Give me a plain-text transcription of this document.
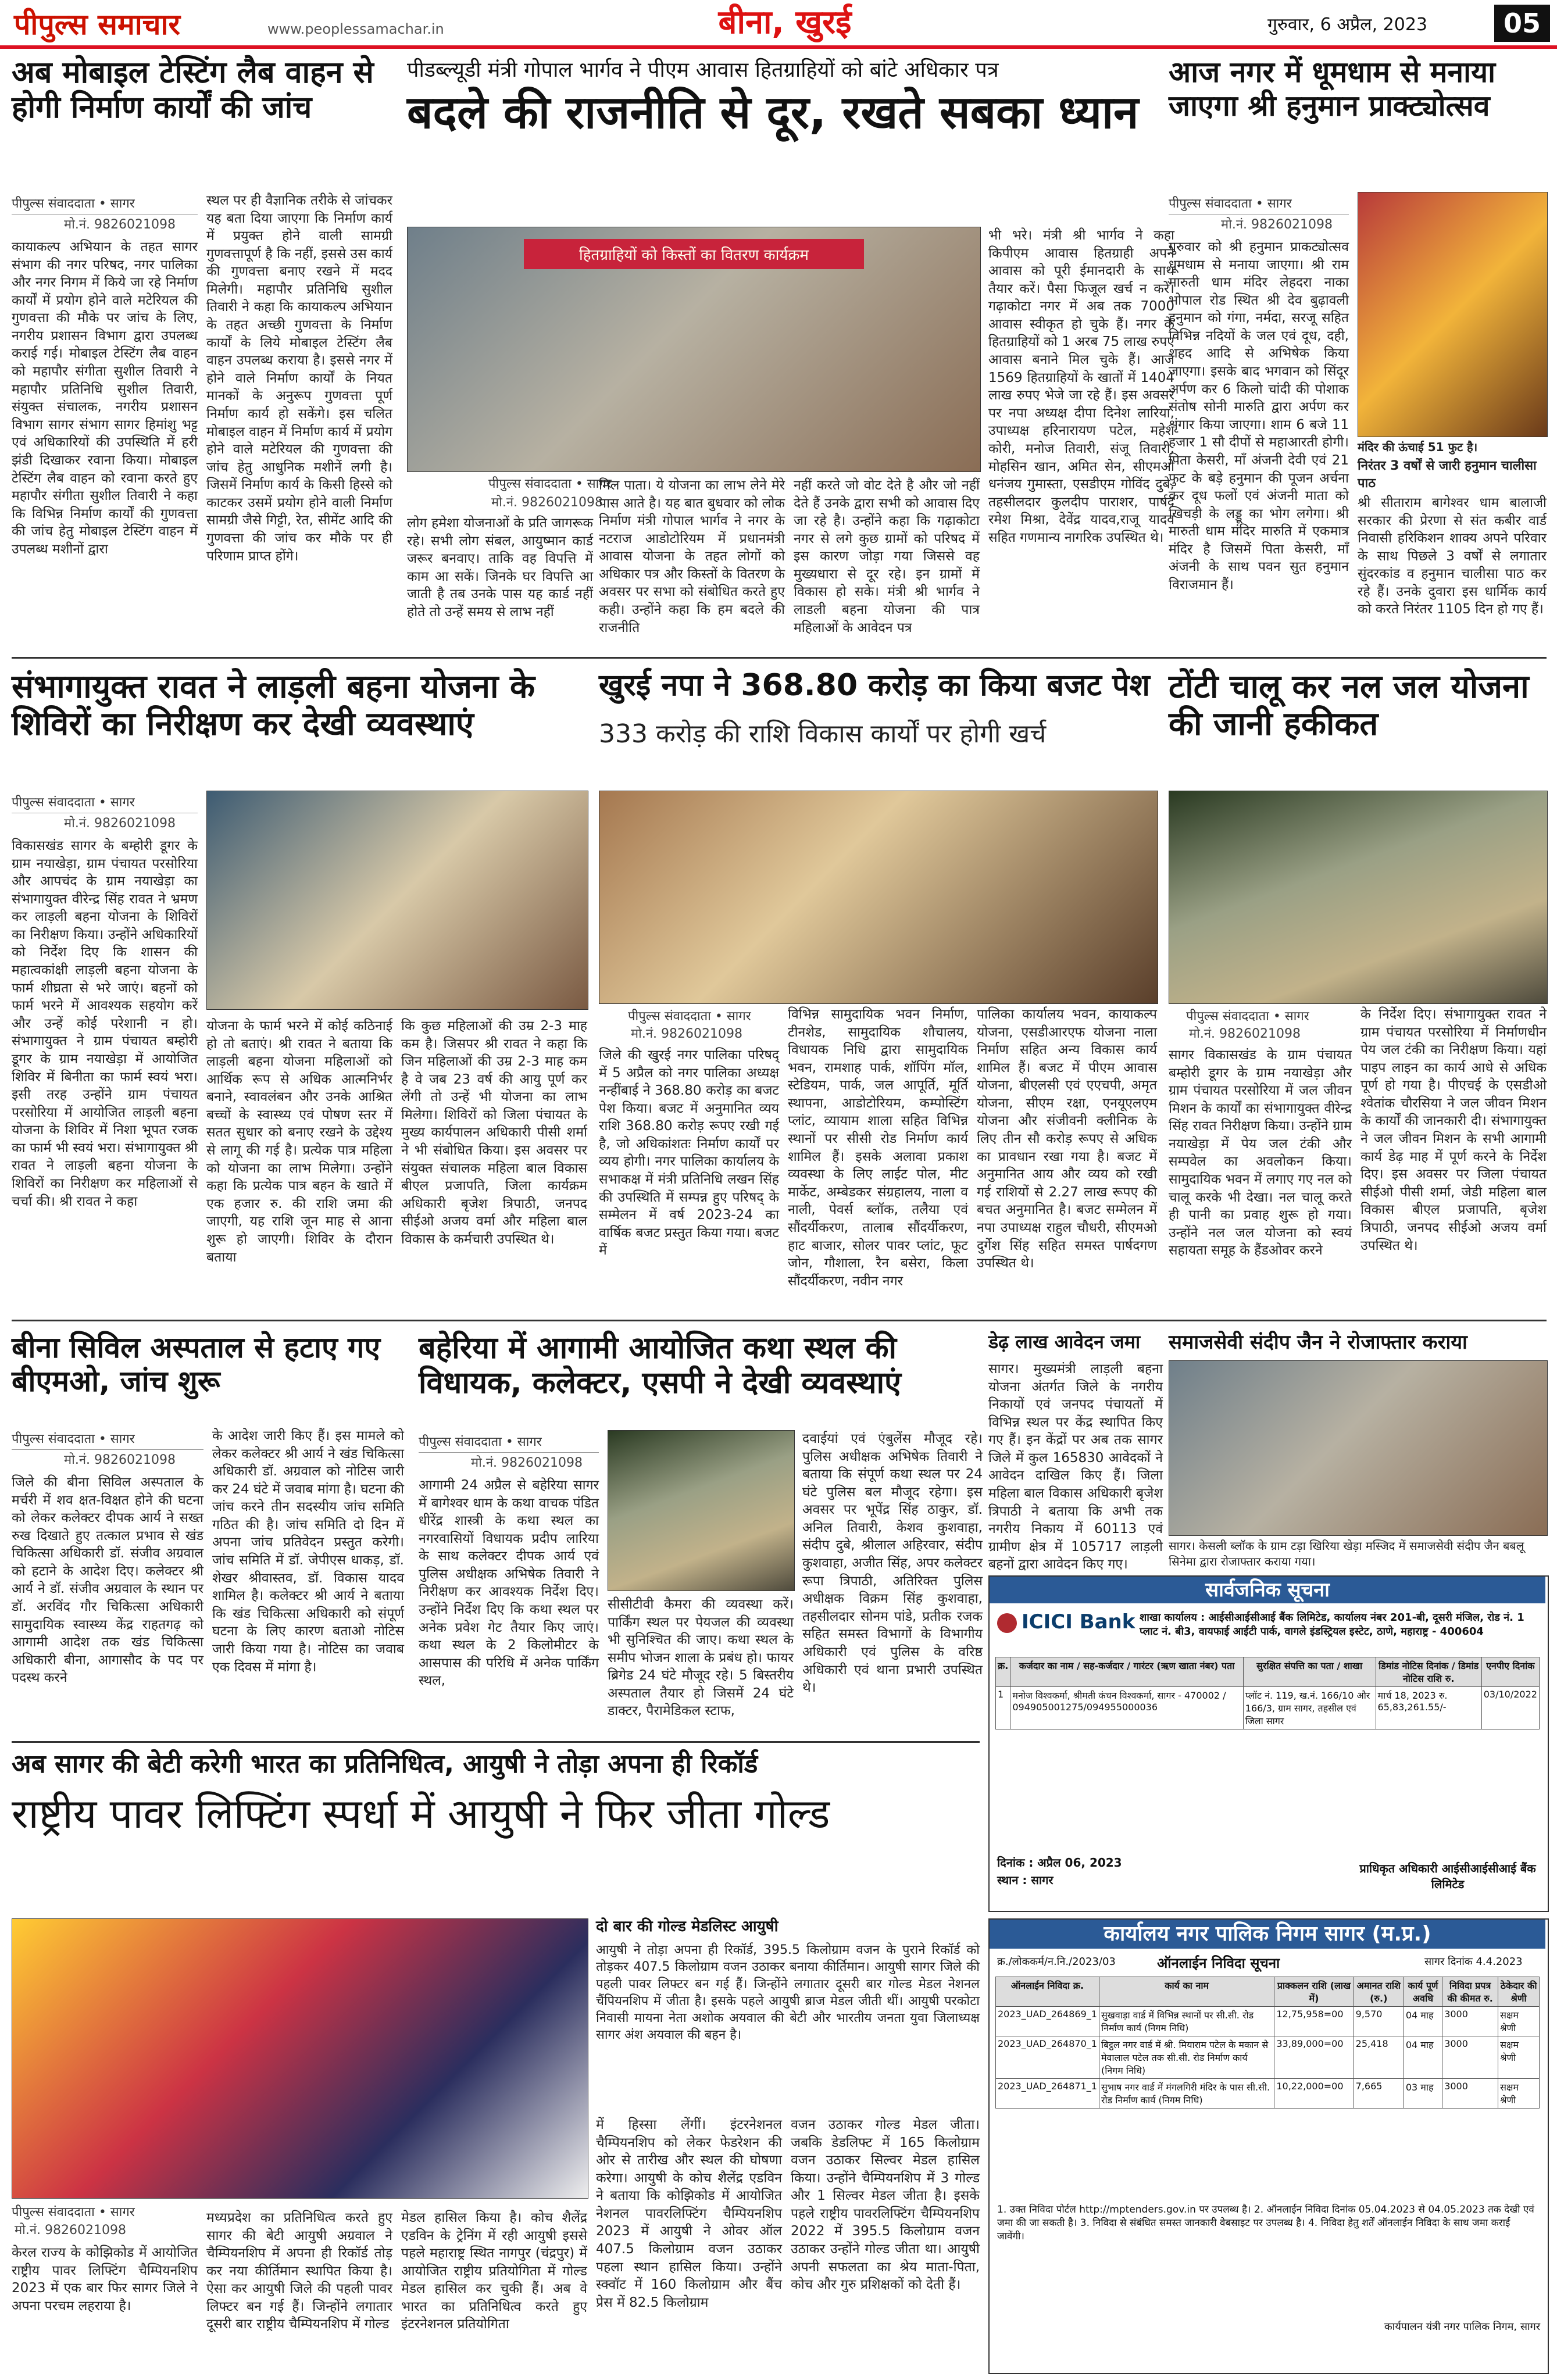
पीपुल्स समाचार	www.peoplessamachar.in	बीना, खुरई	गुरुवार, 6 अप्रैल, 2023	05
अब मोबाइल टेस्टिंग लैब वाहन से होगी निर्माण कार्यों की जांच
पीपुल्स संवाददाता • सागर
मो.नं. 9826021098
कायाकल्प अभियान के तहत सागर संभाग की नगर परिषद, नगर पालिका और नगर निगम में किये जा रहे निर्माण कार्यों में प्रयोग होने वाले मटेरियल की गुणवत्ता की मौके पर जांच के लिए, नगरीय प्रशासन विभाग द्वारा उपलब्ध कराई गई। मोबाइल टेस्टिंग लैब वाहन को महापौर संगीता सुशील तिवारी ने महापौर प्रतिनिधि सुशील तिवारी, संयुक्त संचालक, नगरीय प्रशासन विभाग सागर संभाग सागर हिमांशु भट्ट एवं अधिकारियों की उपस्थिति में हरी झंडी दिखाकर रवाना किया। मोबाइल टेस्टिंग लैब वाहन को रवाना करते हुए महापौर संगीता सुशील तिवारी ने कहा कि विभिन्न निर्माण कार्यों की गुणवत्ता की जांच हेतु मोबाइल टेस्टिंग वाहन में उपलब्ध मशीनों द्वारा
स्थल पर ही वैज्ञानिक तरीके से जांचकर यह बता दिया जाएगा कि निर्माण कार्य में प्रयुक्त होने वाली सामग्री गुणवत्तापूर्ण है कि नहीं, इससे उस कार्य की गुणवत्ता बनाए रखने में मदद मिलेगी। महापौर प्रतिनिधि सुशील तिवारी ने कहा कि कायाकल्प अभियान के तहत अच्छी गुणवत्ता के निर्माण कार्यों के लिये मोबाइल टेस्टिंग लैब वाहन उपलब्ध कराया है। इससे नगर में होने वाले निर्माण कार्यों के नियत मानकों के अनुरूप गुणवत्ता पूर्ण निर्माण कार्य हो सकेंगे। इस चलित मोबाइल वाहन में निर्माण कार्य में प्रयोग होने वाले मटेरियल की गुणवत्ता की जांच हेतु आधुनिक मशीनें लगी है। जिसमें निर्माण कार्य के किसी हिस्से को काटकर उसमें प्रयोग होने वाली निर्माण सामग्री जैसे गिट्टी, रेत, सीमेंट आदि की गुणवत्ता की जांच कर मौके पर ही परिणाम प्राप्त होंगे।
पीडब्ल्यूडी मंत्री गोपाल भार्गव ने पीएम आवास हितग्राहियों को बांटे अधिकार पत्र
बदले की राजनीति से दूर, रखते सबका ध्यान
हितग्राहियों को किस्तों का वितरण कार्यक्रम
पीपुल्स संवाददाता • सागर
मो.नं. 9826021098
लोग हमेशा योजनाओं के प्रति जागरूक रहे। सभी लोग संबल, आयुष्मान कार्ड जरूर बनवाए। ताकि वह विपत्ति में काम आ सकें। जिनके घर विपत्ति आ जाती है तब उनके पास यह कार्ड नहीं होते तो उन्हें समय से लाभ नहीं
मिल पाता। ये योजना का लाभ लेने मेरे पास आते है। यह बात बुधवार को लोक निर्माण मंत्री गोपाल भार्गव ने नगर के नटराज आडोटोरियम में प्रधानमंत्री आवास योजना के तहत लोगों को अधिकार पत्र और किस्तों के वितरण के अवसर पर सभा को संबोधित करते हुए कही। उन्होंने कहा कि हम बदले की राजनीति
नहीं करते जो वोट देते है और जो नहीं देते हैं उनके द्वारा सभी को आवास दिए जा रहे है। उन्होंने कहा कि गढ़ाकोटा नगर से लगे कुछ ग्रामों को परिषद में इस कारण जोड़ा गया जिससे वह मुख्यधारा से दूर रहे। इन ग्रामों में विकास हो सके। मंत्री श्री भार्गव ने लाडली बहना योजना की पात्र महिलाओं के आवेदन पत्र
भी भरे। मंत्री श्री भार्गव ने कहा किपीएम आवास हितग्राही अपने आवास को पूरी ईमानदारी के साथ तैयार करें। पैसा फिजूल खर्च न करें। गढ़ाकोटा नगर में अब तक 7000 आवास स्वीकृत हो चुके हैं। नगर के हितग्राहियों को 1 अरब 75 लाख रुपए आवास बनाने मिल चुके हैं। आज 1569 हितग्राहियों के खातों में 1404 लाख रुपए भेजे जा रहे हैं। इस अवसर पर नपा अध्यक्ष दीपा दिनेश लारिया, उपाध्यक्ष हरिनारायण पटेल, महेश कोरी, मनोज तिवारी, संजू तिवारी, मोहसिन खान, अमित सेन, सीएमओ धनंजय गुमास्ता, एसडीएम गोविंद दुबे, तहसीलदार कुलदीप पाराशर, पार्षद रमेश मिश्रा, देवेंद्र यादव,राजू यादव सहित गणमान्य नागरिक उपस्थित थे।
आज नगर में धूमधाम से मनाया जाएगा श्री हनुमान प्राक्ट्योत्सव
पीपुल्स संवाददाता • सागर
मो.नं. 9826021098
गुरुवार को श्री हनुमान प्राकट्योत्सव धूमधाम से मनाया जाएगा। श्री राम मारुती धाम मंदिर लेहदरा नाका भोपाल रोड स्थित श्री देव बुढ़ावली हनुमान को गंगा, नर्मदा, सरजू सहित विभिन्न नदियों के जल एवं दूध, दही, शहद आदि से अभिषेक किया जाएगा। इसके बाद भगवान को सिंदूर अर्पण कर 6 किलो चांदी की पोशाक संतोष सोनी मारुति द्वारा अर्पण कर शृंगार किया जाएगा। शाम 6 बजे 11 हजार 1 सौ दीपों से महाआरती होगी। पिता केसरी, माँ अंजनी देवी एवं 21 फुट के बड़े हनुमान की पूजन अर्चना कर दूध फलों एवं अंजनी माता को खिचड़ी के लड्डू का भोग लगेगा। श्री मारुती धाम मंदिर मारुति में एकमात्र मंदिर है जिसमें पिता केसरी, माँ अंजनी के साथ पवन सुत हनुमान विराजमान हैं।
मंदिर की ऊंचाई 51 फुट है।
निरंतर 3 वर्षों से जारी हनुमान चालीसा पाठ
श्री सीताराम बागेश्वर धाम बालाजी सरकार की प्रेरणा से संत कबीर वार्ड निवासी हरिकिशन शाक्य अपने परिवार के साथ पिछले 3 वर्षों से लगातार सुंदरकांड व हनुमान चालीसा पाठ कर रहे हैं। उनके दुवारा इस धार्मिक कार्य को करते निरंतर 1105 दिन हो गए हैं।
संभागायुक्त रावत ने लाड़ली बहना योजना के शिविरों का निरीक्षण कर देखी व्यवस्थाएं
पीपुल्स संवाददाता • सागर
मो.नं. 9826021098
विकासखंड सागर के बम्होरी डूगर के ग्राम नयाखेड़ा, ग्राम पंचायत परसोरिया और आपचंद के ग्राम नयाखेड़ा का संभागायुक्त वीरेन्द्र सिंह रावत ने भ्रमण कर लाड़ली बहना योजना के शिविरों का निरीक्षण किया। उन्होंने अधिकारियों को निर्देश दिए कि शासन की महात्वकांक्षी लाड़ली बहना योजना के फार्म शीघ्रता से भरे जाएं। बहनों को फार्म भरने में आवश्यक सहयोग करें और उन्हें कोई परेशानी न हो। संभागायुक्त ने ग्राम पंचायत बम्होरी डूगर के ग्राम नयाखेड़ा में आयोजित शिविर में बिनीता का फार्म स्वयं भरा। इसी तरह उन्होंने ग्राम पंचायत परसोरिया में आयोजित लाड़ली बहना योजना के शिविर में निशा भूपत रजक का फार्म भी स्वयं भरा। संभागायुक्त श्री रावत ने लाड़ली बहना योजना के शिविरों का निरीक्षण कर महिलाओं से चर्चा की। श्री रावत ने कहा
योजना के फार्म भरने में कोई कठिनाई हो तो बताएं। श्री रावत ने बताया कि लाड़ली बहना योजना महिलाओं को आर्थिक रूप से अधिक आत्मनिर्भर बनाने, स्वावलंबन और उनके आश्रित बच्चों के स्वास्थ्य एवं पोषण स्तर में सतत सुधार को बनाए रखने के उद्देश्य से लागू की गई है। प्रत्येक पात्र महिला को योजना का लाभ मिलेगा। उन्होंने कहा कि प्रत्येक पात्र बहन के खाते में एक हजार रु. की राशि जमा की जाएगी, यह राशि जून माह से आना शुरू हो जाएगी। शिविर के दौरान बताया
कि कुछ महिलाओं की उम्र 2-3 माह कम है। जिसपर श्री रावत ने कहा कि जिन महिलाओं की उम्र 2-3 माह कम है वे जब 23 वर्ष की आयु पूर्ण कर लेंगी तो उन्हें भी योजना का लाभ मिलेगा। शिविरों को जिला पंचायत के मुख्य कार्यपालन अधिकारी पीसी शर्मा ने भी संबोधित किया। इस अवसर पर संयुक्त संचालक महिला बाल विकास बीएल प्रजापति, जिला कार्यक्रम अधिकारी बृजेश त्रिपाठी, जनपद सीईओ अजय वर्मा और महिला बाल विकास के कर्मचारी उपस्थित थे।
खुरई नपा ने 368.80 करोड़ का किया बजट पेश
333 करोड़ की राशि विकास कार्यों पर होगी खर्च
पीपुल्स संवाददाता • सागर
मो.नं. 9826021098
जिले की खुरई नगर पालिका परिषद् में 5 अप्रैल को नगर पालिका अध्यक्ष नन्हींबाई ने 368.80 करोड़ का बजट पेश किया। बजट में अनुमानित व्यय राशि 368.80 करोड़ रूपए रखी गई है, जो अधिकांशतः निर्माण कार्यों पर व्यय होगी। नगर पालिका कार्यालय के सभाकक्ष में मंत्री प्रतिनिधि लखन सिंह की उपस्थिति में सम्पन्न हुए परिषद् के सम्मेलन में वर्ष 2023-24 का वार्षिक बजट प्रस्तुत किया गया। बजट में
विभिन्न सामुदायिक भवन निर्माण, टीनशेड, सामुदायिक शौचालय, विधायक निधि द्वारा सामुदायिक भवन, रामशाह पार्क, शॉपिंग मॉल, स्टेडियम, पार्क, जल आपूर्ति, मूर्ति स्थापना, आडोटोरियम, कम्पोस्टिंग प्लांट, व्यायाम शाला सहित विभिन्न स्थानों पर सीसी रोड निर्माण कार्य शामिल हैं। इसके अलावा प्रकाश व्यवस्था के लिए लाईट पोल, मीट मार्केट, अम्बेडकर संग्रहालय, नाला व नाली, पेवर्स ब्लॉक, तलैया एवं सौंदर्यीकरण, तालाब सौंदर्यीकरण, हाट बाजार, सोलर पावर प्लांट, फूट जोन, गौशाला, रैन बसेरा, किला सौंदर्यीकरण, नवीन नगर
पालिका कार्यालय भवन, कायाकल्प योजना, एसडीआरएफ योजना नाला निर्माण सहित अन्य विकास कार्य शामिल हैं। बजट में पीएम आवास योजना, बीएलसी एवं एएचपी, अमृत योजना, सीएम रक्षा, एनयूएलएम योजना और संजीवनी क्लीनिक के लिए तीन सौ करोड़ रूपए से अधिक का प्रावधान रखा गया है। बजट में अनुमानित आय और व्यय को रखी गई राशियों से 2.27 लाख रूपए की बचत अनुमानित है। बजट सम्मेलन में नपा उपाध्यक्ष राहुल चौधरी, सीएमओ दुर्गेश सिंह सहित समस्त पार्षदगण उपस्थित थे।
टोंटी चालू कर नल जल योजना की जानी हकीकत
पीपुल्स संवाददाता • सागर
मो.नं. 9826021098
सागर विकासखंड के ग्राम पंचायत बम्होरी डूगर के ग्राम नयाखेड़ा और ग्राम पंचायत परसोरिया में जल जीवन मिशन के कार्यों का संभागायुक्त वीरेन्द्र सिंह रावत निरीक्षण किया। उन्होंने ग्राम नयाखेड़ा में पेय जल टंकी और सम्पवेल का अवलोकन किया। सामुदायिक भवन में लगाए गए नल को चालू करके भी देखा। नल चालू करते ही पानी का प्रवाह शुरू हो गया। उन्होंने नल जल योजना को स्वयं सहायता समूह के हैंडओवर करने
के निर्देश दिए। संभागायुक्त रावत ने ग्राम पंचायत परसोरिया में निर्माणधीन पेय जल टंकी का निरीक्षण किया। यहां पाइप लाइन का कार्य आधे से अधिक पूर्ण हो गया है। पीएचई के एसडीओ श्वेतांक चौरसिया ने जल जीवन मिशन के कार्यों की जानकारी दी। संभागायुक्त ने जल जीवन मिशन के सभी आगामी कार्य डेढ़ माह में पूर्ण करने के निर्देश दिए। इस अवसर पर जिला पंचायत सीईओ पीसी शर्मा, जेडी महिला बाल विकास बीएल प्रजापति, बृजेश त्रिपाठी, जनपद सीईओ अजय वर्मा उपस्थित थे।
बीना सिविल अस्पताल से हटाए गए बीएमओ, जांच शुरू
पीपुल्स संवाददाता • सागर
मो.नं. 9826021098
जिले की बीना सिविल अस्पताल के मर्चरी में शव क्षत-विक्षत होने की घटना को लेकर कलेक्टर दीपक आर्य ने सख्त रुख दिखाते हुए तत्काल प्रभाव से खंड चिकित्सा अधिकारी डॉ. संजीव अग्रवाल को हटाने के आदेश दिए। कलेक्टर श्री आर्य ने डॉ. संजीव अग्रवाल के स्थान पर डॉ. अरविंद गौर चिकित्सा अधिकारी सामुदायिक स्वास्थ्य केंद्र राहतगढ़ को आगामी आदेश तक खंड चिकित्सा अधिकारी बीना, आगासौद के पद पर पदस्थ करने
के आदेश जारी किए हैं। इस मामले को लेकर कलेक्टर श्री आर्य ने खंड चिकित्सा अधिकारी डॉ. अग्रवाल को नोटिस जारी कर 24 घंटे में जवाब मांगा है। घटना की जांच करने तीन सदस्यीय जांच समिति गठित की है। जांच समिति दो दिन में अपना जांच प्रतिवेदन प्रस्तुत करेगी। जांच समिति में डॉ. जेपीएस धाकड़, डॉ. शेखर श्रीवास्तव, डॉ. विकास यादव शामिल है। कलेक्टर श्री आर्य ने बताया कि खंड चिकित्सा अधिकारी को संपूर्ण घटना के लिए कारण बताओ नोटिस जारी किया गया है। नोटिस का जवाब एक दिवस में मांगा है।
बहेरिया में आगामी आयोजित कथा स्थल की विधायक, कलेक्टर, एसपी ने देखी व्यवस्थाएं
पीपुल्स संवाददाता • सागर
मो.नं. 9826021098
आगामी 24 अप्रैल से बहेरिया सागर में बागेश्वर धाम के कथा वाचक पंडित धीरेंद्र शास्त्री के कथा स्थल का नगरवासियों विधायक प्रदीप लारिया के साथ कलेक्टर दीपक आर्य एवं पुलिस अधीक्षक अभिषेक तिवारी ने निरीक्षण कर आवश्यक निर्देश दिए। उन्होंने निर्देश दिए कि कथा स्थल पर अनेक प्रवेश गेट तैयार किए जाएं। कथा स्थल के 2 किलोमीटर के आसपास की परिधि में अनेक पार्किंग स्थल,
सीसीटीवी कैमरा की व्यवस्था करें। पार्किंग स्थल पर पेयजल की व्यवस्था भी सुनिश्चित की जाए। कथा स्थल के समीप भोजन शाला के प्रबंध हो। फायर ब्रिगेड 24 घंटे मौजूद रहे। 5 बिस्तरीय अस्पताल तैयार हो जिसमें 24 घंटे डाक्टर, पैरामेडिकल स्टाफ,
दवाईयां एवं एंबुलेंस मौजूद रहे। पुलिस अधीक्षक अभिषेक तिवारी ने बताया कि संपूर्ण कथा स्थल पर 24 घंटे पुलिस बल मौजूद रहेगा। इस अवसर पर भूपेंद्र सिंह ठाकुर, डॉ. अनिल तिवारी, केशव कुशवाहा, संदीप दुबे, श्रीलाल अहिरवार, संदीप कुशवाहा, अजीत सिंह, अपर कलेक्टर रूपा त्रिपाठी, अतिरिक्त पुलिस अधीक्षक विक्रम सिंह कुशवाहा, तहसीलदार सोनम पांडे, प्रतीक रजक सहित समस्त विभागों के विभागीय अधिकारी एवं पुलिस के वरिष्ठ अधिकारी एवं थाना प्रभारी उपस्थित थे।
डेढ़ लाख आवेदन जमा
सागर। मुख्यमंत्री लाड़ली बहना योजना अंतर्गत जिले के नगरीय निकायों एवं जनपद पंचायतों में विभिन्न स्थल पर केंद्र स्थापित किए गए हैं। इन केंद्रों पर अब तक सागर जिले में कुल 165830 आवेदकों ने आवेदन दाखिल किए हैं। जिला महिला बाल विकास अधिकारी बृजेश त्रिपाठी ने बताया कि अभी तक नगरीय निकाय में 60113 एवं ग्रामीण क्षेत्र में 105717 लाड़ली बहनों द्वारा आवेदन किए गए।
समाजसेवी संदीप जैन ने रोजाफ्तार कराया
सागर। केसली ब्लॉक के ग्राम टड़ा खिरिया खेड़ा मस्जिद में समाजसेवी संदीप जैन बबलू सिनेमा द्वारा रोजाफ्तार कराया गया।
सार्वजनिक सूचना
ICICI Bank शाखा कार्यालय : आईसीआईसीआई बैंक लिमिटेड, कार्यालय नंबर 201-बी, दूसरी मंजिल, रोड नं. 1 प्लाट नं. बी3, वायफाई आईटी पार्क, वागले इंडस्ट्रियल इस्टेट, ठाणे, महाराष्ट्र - 400604
क्र.	कर्जदार का नाम / सह-कर्जदार / गारंटर (ऋण खाता नंबर) पता	सुरक्षित संपत्ति का पता / शाखा	डिमांड नोटिस दिनांक / डिमांड नोटिस राशि रु.	एनपीए दिनांक
1	मनोज विश्वकर्मा, श्रीमती कंचन विश्वकर्मा, सागर - 470002 / 094905001275/094955000036	प्लॉट नं. 119, ख.नं. 166/10 और 166/3, ग्राम सागर, तहसील एवं जिला सागर	मार्च 18, 2023 रु. 65,83,261.55/-	03/10/2022
दिनांक : अप्रैल 06, 2023
स्थान : सागर
प्राधिकृत अधिकारी आईसीआईसीआई बैंक लिमिटेड
कार्यालय नगर पालिक निगम सागर (म.प्र.)
क्र./लोककर्म/न.नि./2023/03	ऑनलाईन निविदा सूचना	सागर दिनांक 4.4.2023
ऑनलाईन निविदा क्र.	कार्य का नाम	प्राक्कलन राशि (लाख में)	अमानत राशि (रु.)	कार्य पूर्ण अवधि	निविदा प्रपत्र की कीमत रु.	ठेकेदार की श्रेणी
2023_UAD_264869_1	सुखवाड़ा वार्ड में विभिन्न स्थानों पर सी.सी. रोड निर्माण कार्य (निगम निधि)	12,75,958=00	9,570	04 माह	3000	सक्षम श्रेणी
2023_UAD_264870_1	बिट्ठल नगर वार्ड में श्री. मियाराम पटेल के मकान से मेवालाल पटेल तक सी.सी. रोड निर्माण कार्य (निगम निधि)	33,89,000=00	25,418	04 माह	3000	सक्षम श्रेणी
2023_UAD_264871_1	सुभाष नगर वार्ड में मंगलगिरी मंदिर के पास सी.सी. रोड निर्माण कार्य (निगम निधि)	10,22,000=00	7,665	03 माह	3000	सक्षम श्रेणी
1. उक्त निविदा पोर्टल http://mptenders.gov.in पर उपलब्ध है। 2. ऑनलाईन निविदा दिनांक 05.04.2023 से 04.05.2023 तक देखी एवं जमा की जा सकती है। 3. निविदा से संबंधित समस्त जानकारी वेबसाइट पर उपलब्ध है। 4. निविदा हेतु शर्तें ऑनलाईन निविदा के साथ जमा कराई जावेंगी।
कार्यपालन यंत्री नगर पालिक निगम, सागर
अब सागर की बेटी करेगी भारत का प्रतिनिधित्व, आयुषी ने तोड़ा अपना ही रिकॉर्ड
राष्ट्रीय पावर लिफ्टिंग स्पर्धा में आयुषी ने फिर जीता गोल्ड
दो बार की गोल्ड मेडलिस्ट आयुषी
आयुषी ने तोड़ा अपना ही रिकॉर्ड, 395.5 किलोग्राम वजन के पुराने रिकॉर्ड को तोड़कर 407.5 किलोग्राम वजन उठाकर बनाया कीर्तिमान। आयुषी सागर जिले की पहली पावर लिफ्टर बन गई हैं। जिन्होंने लगातार दूसरी बार गोल्ड मेडल नेशनल चैंपियनशिप में जीता है। इसके पहले आयुषी ब्राज मेडल जीती थीं। आयुषी परकोटा निवासी मायना नेता अशोक अयवाल की बेटी और भारतीय जनता युवा जिलाध्यक्ष सागर अंश अयवाल की बहन है।
पीपुल्स संवाददाता • सागर
मो.नं. 9826021098
केरल राज्य के कोझिकोड में आयोजित राष्ट्रीय पावर लिफ्टिंग चैम्पियनशिप 2023 में एक बार फिर सागर जिले ने अपना परचम लहराया है।
मध्यप्रदेश का प्रतिनिधित्व करते हुए सागर की बेटी आयुषी अग्रवाल ने चैम्पियनशिप में अपना ही रिकॉर्ड तोड़ कर नया कीर्तिमान स्थापित किया है। ऐसा कर आयुषी जिले की पहली पावर लिफ्टर बन गई हैं। जिन्होंने लगातार दूसरी बार राष्ट्रीय चैम्पियनशिप में गोल्ड
मेडल हासिल किया है। कोच शैलेंद्र एडविन के ट्रेनिंग में रही आयुषी इससे पहले महाराष्ट्र स्थित नागपुर (चंद्रपुर) में आयोजित राष्ट्रीय प्रतियोगिता में गोल्ड मेडल हासिल कर चुकी हैं। अब वे भारत का प्रतिनिधित्व करते हुए इंटरनेशनल प्रतियोगिता
में हिस्सा लेंगीं। इंटरनेशनल चैम्पियनशिप को लेकर फेडरेशन की ओर से तारीख और स्थल की घोषणा करेगा। आयुषी के कोच शैलेंद्र एडविन ने बताया कि कोझिकोड में आयोजित नेशनल पावरलिफ्टिंग चैम्पियनशिप 2023 में आयुषी ने ओवर ऑल 407.5 किलोग्राम वजन उठाकर पहला स्थान हासिल किया। उन्होंने स्क्वॉट में 160 किलोग्राम और बैंच प्रेस में 82.5 किलोग्राम
वजन उठाकर गोल्ड मेडल जीता। जबकि डेडलिफ्ट में 165 किलोग्राम वजन उठाकर सिल्वर मेडल हासिल किया। उन्होंने चैम्पियनशिप में 3 गोल्ड और 1 सिल्वर मेडल जीता है। इसके पहले राष्ट्रीय पावरलिफ्टिंग चैम्पियनशिप 2022 में 395.5 किलोग्राम वजन उठाकर उन्होंने गोल्ड जीता था। आयुषी अपनी सफलता का श्रेय माता-पिता, कोच और गुरु प्रशिक्षकों को देती हैं।
